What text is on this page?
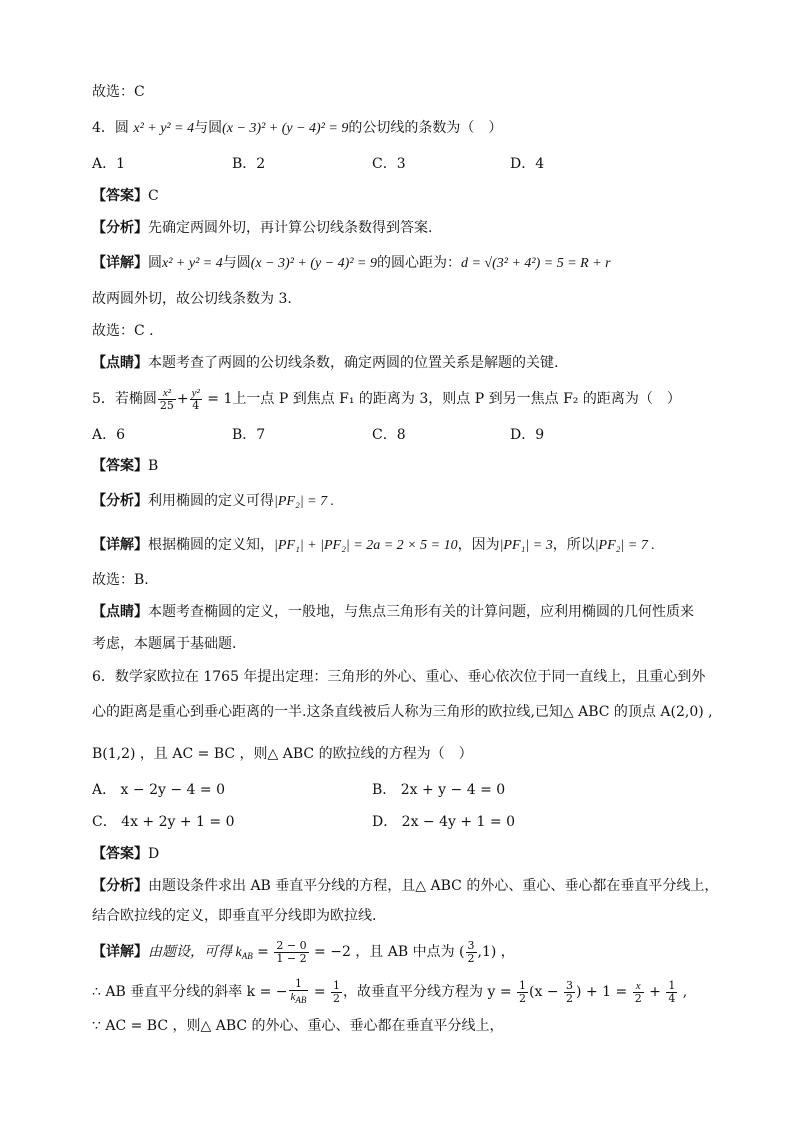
故选：C
4．圆 x² + y² = 4与圆(x − 3)² + (y − 4)² = 9的公切线的条数为（　）
A．1	B．2	C．3	D．4
【答案】C
【分析】先确定两圆外切，再计算公切线条数得到答案.
【详解】圆x² + y² = 4与圆(x − 3)² + (y − 4)² = 9的圆心距为：d = √(3² + 4²) = 5 = R + r
故两圆外切，故公切线条数为 3.
故选：C .
【点睛】本题考查了两圆的公切线条数，确定两圆的位置关系是解题的关键.
5．若椭圆 $\frac{\text{x²}}{25} + \frac{\text{y²}}{4} = 1$上一点 P 到焦点 F₁ 的距离为 3，则点 P 到另一焦点 F₂ 的距离为（　）
A．6	B．7	C．8	D．9
【答案】B
【分析】利用椭圆的定义可得|PF₂| = 7 .
【详解】根据椭圆的定义知，|PF₁| + |PF₂| = 2a = 2 × 5 = 10，因为|PF₁| = 3，所以|PF₂| = 7 .
故选：B.
【点睛】本题考查椭圆的定义，一般地，与焦点三角形有关的计算问题，应利用椭圆的几何性质来
考虑，本题属于基础题.
6．数学家欧拉在 1765 年提出定理：三角形的外心、重心、垂心依次位于同一直线上，且重心到外
心的距离是重心到垂心距离的一半.这条直线被后人称为三角形的欧拉线,已知△ ABC 的顶点 A(2,0) ,
B(1,2) ，且 AC = BC ，则△ ABC 的欧拉线的方程为（　）
A． x − 2y − 4 = 0	B． 2x + y − 4 = 0
C． 4x + 2y + 1 = 0	D． 2x − 4y + 1 = 0
【答案】D
【分析】由题设条件求出 AB 垂直平分线的方程，且△ ABC 的外心、重心、垂心都在垂直平分线上，
结合欧拉线的定义，即垂直平分线即为欧拉线.
【详解】由题设，可得 $k_{AB} = \frac{2 - 0}{1 - 2} = -2$ ，且 AB 中点为 ( $\frac{3}{2} ,1$) ，
∴ AB 垂直平分线的斜率 k = − $\frac{1}{k_{AB}} = \frac{1}{2}$ ，故垂直平分线方程为 $y = \frac{1}{2} (x - \frac{3}{2}$ ) + $1 = \frac{x}{2} + \frac{1}{4}$ ,
∵ AC = BC ，则△ ABC 的外心、重心、垂心都在垂直平分线上，
